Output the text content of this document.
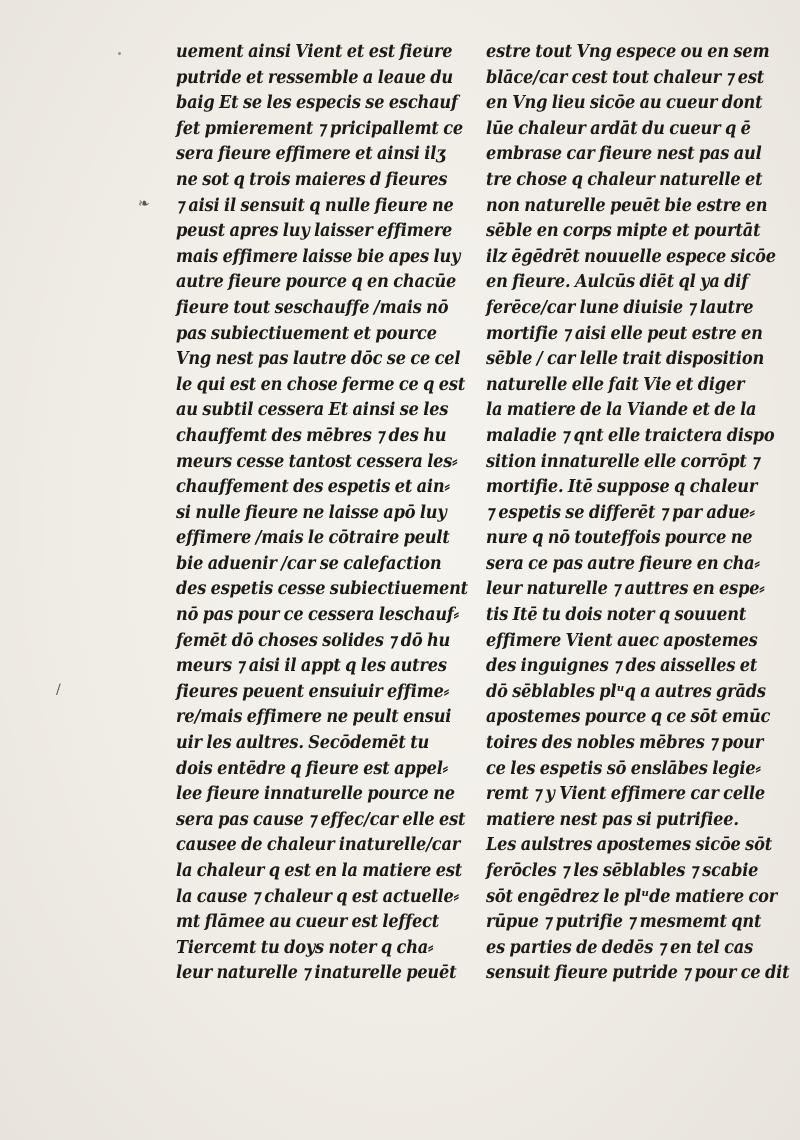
/
❧
uement ainsi Vient et est fieure
putride et ressemble a leaue du
baig Et se les especis se eschauf
fet pmierement ⁊ pricipallemt ce
sera fieure effimere et ainsi ilʒ
ne sot q trois maieres d fieures
⁊ aisi il sensuit q nulle fieure ne
peust apres luy laisser effimere
mais effimere laisse bie apes luy
autre fieure pource q en chacūe
fieure tout seschauffe /mais nō
pas subiectiuement et pource
Vng nest pas lautre dōc se ce cel
le qui est en chose ferme ce q est
au subtil cessera Et ainsi se les
chauffemt des mēbres ⁊ des hu
meurs cesse tantost cessera les⸗
chauffement des espetis et ain⸗
si nulle fieure ne laisse apō luy
effimere /mais le cōtraire peult
bie aduenir /car se calefaction
des espetis cesse subiectiuement
nō pas pour ce cessera leschauf⸗
femēt dō choses solides ⁊ dō hu
meurs ⁊ aisi il appt q les autres
fieures peuent ensuiuir effime⸗
re/mais effimere ne peult ensui
uir les aultres. Secōdemēt tu
dois entēdre q fieure est appel⸗
lee fieure innaturelle pource ne
sera pas cause ⁊ effec/car elle est
causee de chaleur inaturelle/car
la chaleur q est en la matiere est
la cause ⁊ chaleur q est actuelle⸗
mt flāmee au cueur est leffect
Tiercemt tu doys noter q cha⸗
leur naturelle ⁊ inaturelle peuēt
estre tout Vng espece ou en sem
blāce/car cest tout chaleur ⁊ est
en Vng lieu sicōe au cueur dont
lūe chaleur ardāt du cueur q ē
embrase car fieure nest pas aul
tre chose q chaleur naturelle et
non naturelle peuēt bie estre en
sēble en corps mipte et pourtāt
ilz ēgēdrēt nouuelle espece sicōe
en fieure. Aulcūs diēt ql ya dif
ferēce/car lune diuisie ⁊ lautre
mortifie ⁊ aisi elle peut estre en
sēble / car lelle trait disposition
naturelle elle fait Vie et diger
la matiere de la Viande et de la
maladie ⁊ qnt elle traictera dispo
sition innaturelle elle corrōpt ⁊
mortifie. Itē suppose q chaleur
⁊ espetis se differēt ⁊ par adue⸗
nure q nō touteffois pource ne
sera ce pas autre fieure en cha⸗
leur naturelle ⁊ auttres en espe⸗
tis Itē tu dois noter q souuent
effimere Vient auec apostemes
des inguignes ⁊ des aisselles et
dō sēblables plᵘq a autres grāds
apostemes pource q ce sōt emūc
toires des nobles mēbres ⁊ pour
ce les espetis sō enslābes legie⸗
remt ⁊ y Vient effimere car celle
matiere nest pas si putrifiee.
Les aulstres apostemes sicōe sōt
ferōcles ⁊ les sēblables ⁊ scabie
sōt engēdrez le plᵘde matiere cor
rūpue ⁊ putrifie ⁊ mesmemt qnt
es parties de dedēs ⁊ en tel cas
sensuit fieure putride ⁊ pour ce dit
